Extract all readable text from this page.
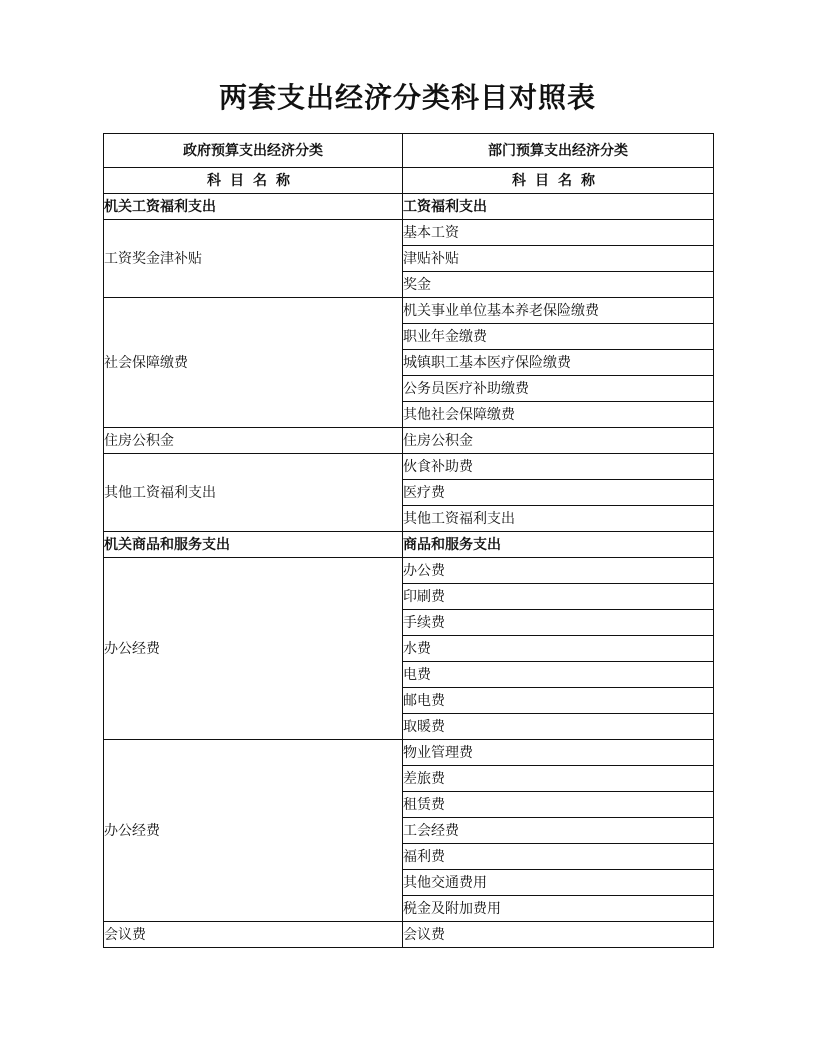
两套支出经济分类科目对照表
政府预算支出经济分类	部门预算支出经济分类
科目名称	科目名称
机关工资福利支出	工资福利支出
工资奖金津补贴	基本工资
	津贴补贴
	奖金
社会保障缴费	机关事业单位基本养老保险缴费
	职业年金缴费
	城镇职工基本医疗保险缴费
	公务员医疗补助缴费
	其他社会保障缴费
住房公积金	住房公积金
其他工资福利支出	伙食补助费
	医疗费
	其他工资福利支出
机关商品和服务支出	商品和服务支出
办公经费	办公费
	印刷费
	手续费
	水费
	电费
	邮电费
	取暖费
办公经费	物业管理费
	差旅费
	租赁费
	工会经费
	福利费
	其他交通费用
	税金及附加费用
会议费	会议费
